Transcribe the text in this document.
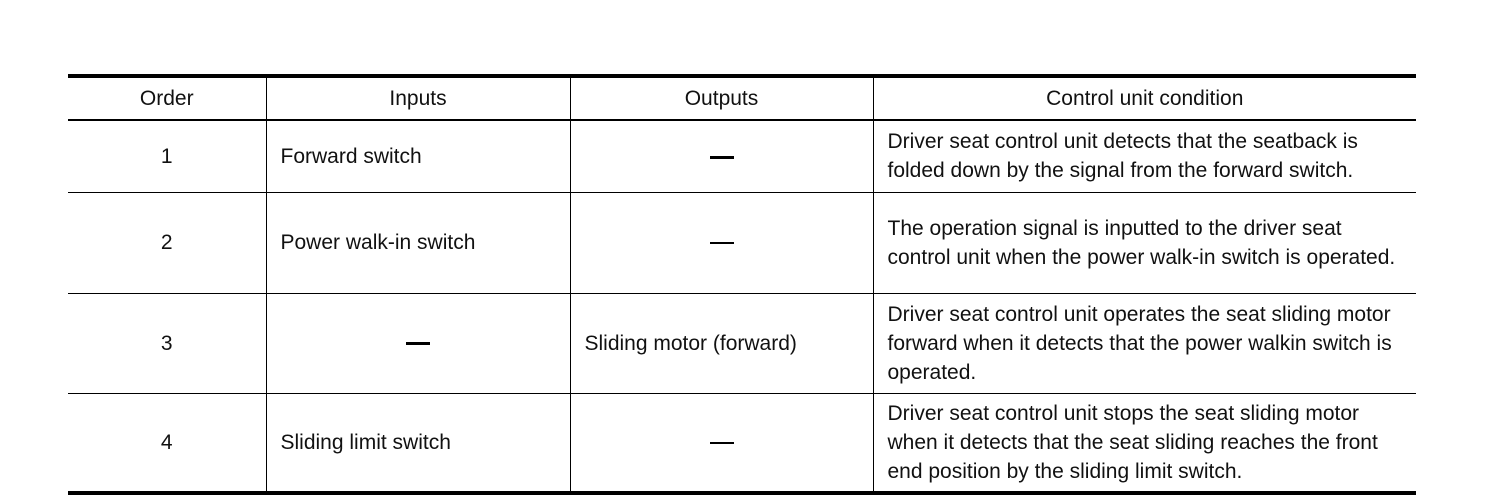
Order	Inputs	Outputs	Control unit condition
1	Forward switch		Driver seat control unit detects that the seatback is folded down by the signal from the forward switch.
2	Power walk-in switch		The operation signal is inputted to the driver seat control unit when the power walk-in switch is operated.
3		Sliding motor (forward)	Driver seat control unit operates the seat sliding motor forward when it detects that the power walkin switch is operated.
4	Sliding limit switch		Driver seat control unit stops the seat sliding motor when it detects that the seat sliding reaches the front end position by the sliding limit switch.
